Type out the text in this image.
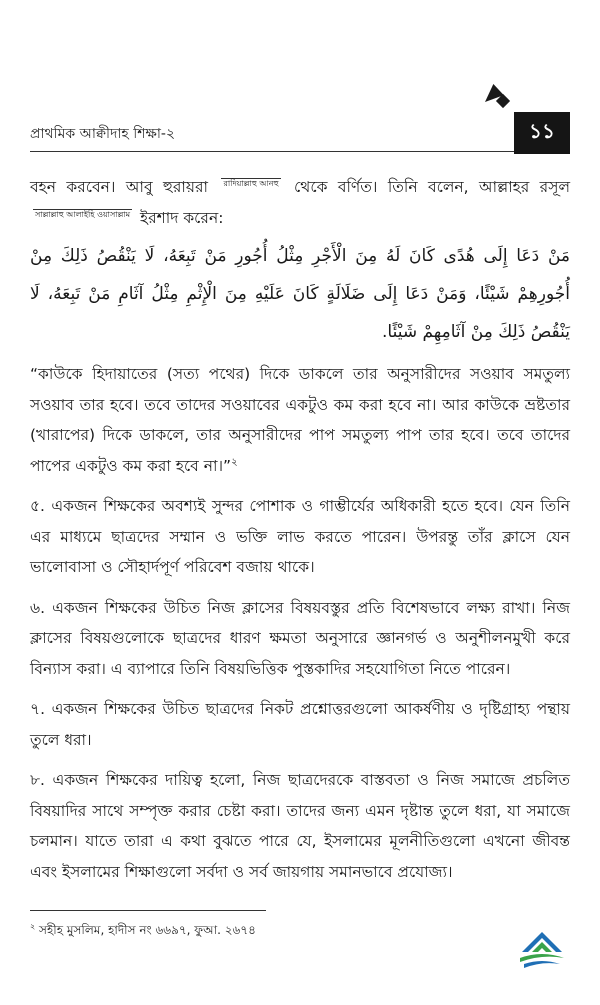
প্রাথমিক আক্বীদাহ শিক্ষা-২	১১

বহন করবেন। আবু হুরায়রা রাদিয়াল্লাহু আনহু থেকে বর্ণিত। তিনি বলেন, আল্লাহর রসূল সাল্লাল্লাহু আলাইহি ওয়াসাল্লাম ইরশাদ করেন:

مَنْ دَعَا إِلَى هُدًى كَانَ لَهُ مِنَ الْأَجْرِ مِثْلُ أُجُورِ مَنْ تَبِعَهُ، لَا يَنْقُصُ ذَلِكَ مِنْ أُجُورِهِمْ شَيْئًا، وَمَنْ دَعَا إِلَى ضَلَالَةٍ كَانَ عَلَيْهِ مِنَ الْإِثْمِ مِثْلُ آثَامِ مَنْ تَبِعَهُ، لَا يَنْقُصُ ذَلِكَ مِنْ آثَامِهِمْ شَيْئًا.

“কাউকে হিদায়াতের (সত্য পথের) দিকে ডাকলে তার অনুসারীদের সওয়াব সমতুল্য সওয়াব তার হবে। তবে তাদের সওয়াবের একটুও কম করা হবে না। আর কাউকে ভ্রষ্টতার (খারাপের) দিকে ডাকলে, তার অনুসারীদের পাপ সমতুল্য পাপ তার হবে। তবে তাদের পাপের একটুও কম করা হবে না।”$^২$

৫. একজন শিক্ষকের অবশ্যই সুন্দর পোশাক ও গাম্ভীর্যের অধিকারী হতে হবে। যেন তিনি এর মাধ্যমে ছাত্রদের সম্মান ও ভক্তি লাভ করতে পারেন। উপরন্তু তাঁর ক্লাসে যেন ভালোবাসা ও সৌহার্দপূর্ণ পরিবেশ বজায় থাকে।

৬. একজন শিক্ষকের উচিত নিজ ক্লাসের বিষয়বস্তুর প্রতি বিশেষভাবে লক্ষ্য রাখা। নিজ ক্লাসের বিষয়গুলোকে ছাত্রদের ধারণ ক্ষমতা অনুসারে জ্ঞানগর্ভ ও অনুশীলনমুখী করে বিন্যাস করা। এ ব্যাপারে তিনি বিষয়ভিত্তিক পুস্তকাদির সহযোগিতা নিতে পারেন।

৭. একজন শিক্ষকের উচিত ছাত্রদের নিকট প্রশ্নোত্তরগুলো আকর্ষণীয় ও দৃষ্টিগ্রাহ্য পন্থায় তুলে ধরা।

৮. একজন শিক্ষকের দায়িত্ব হলো, নিজ ছাত্রদেরকে বাস্তবতা ও নিজ সমাজে প্রচলিত বিষয়াদির সাথে সম্পৃক্ত করার চেষ্টা করা। তাদের জন্য এমন দৃষ্টান্ত তুলে ধরা, যা সমাজে চলমান। যাতে তারা এ কথা বুঝতে পারে যে, ইসলামের মূলনীতিগুলো এখনো জীবন্ত এবং ইসলামের শিক্ষাগুলো সর্বদা ও সর্ব জায়গায় সমানভাবে প্রযোজ্য।

$^২$ সহীহ মুসলিম, হাদীস নং ৬৬৯৭, ফুআ. ২৬৭৪
